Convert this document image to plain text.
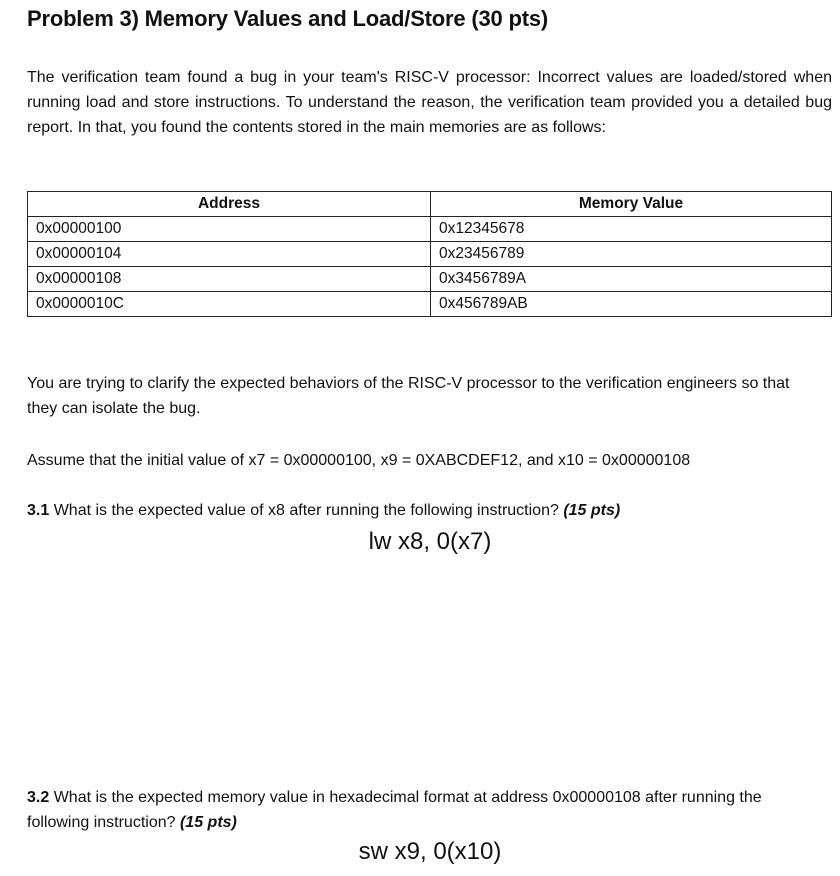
Problem 3) Memory Values and Load/Store (30 pts)

The verification team found a bug in your team's RISC-V processor: Incorrect values are loaded/stored when running load and store instructions. To understand the reason, the verification team provided you a detailed bug report. In that, you found the contents stored in the main memories are as follows:

Address	Memory Value
0x00000100	0x12345678
0x00000104	0x23456789
0x00000108	0x3456789A
0x0000010C	0x456789AB

You are trying to clarify the expected behaviors of the RISC-V processor to the verification engineers so that they can isolate the bug.

Assume that the initial value of x7 = 0x00000100, x9 = 0XABCDEF12, and x10 = 0x00000108

3.1 What is the expected value of x8 after running the following instruction? (15 pts)

lw x8, 0(x7)

3.2 What is the expected memory value in hexadecimal format at address 0x00000108 after running the following instruction? (15 pts)

sw x9, 0(x10)
